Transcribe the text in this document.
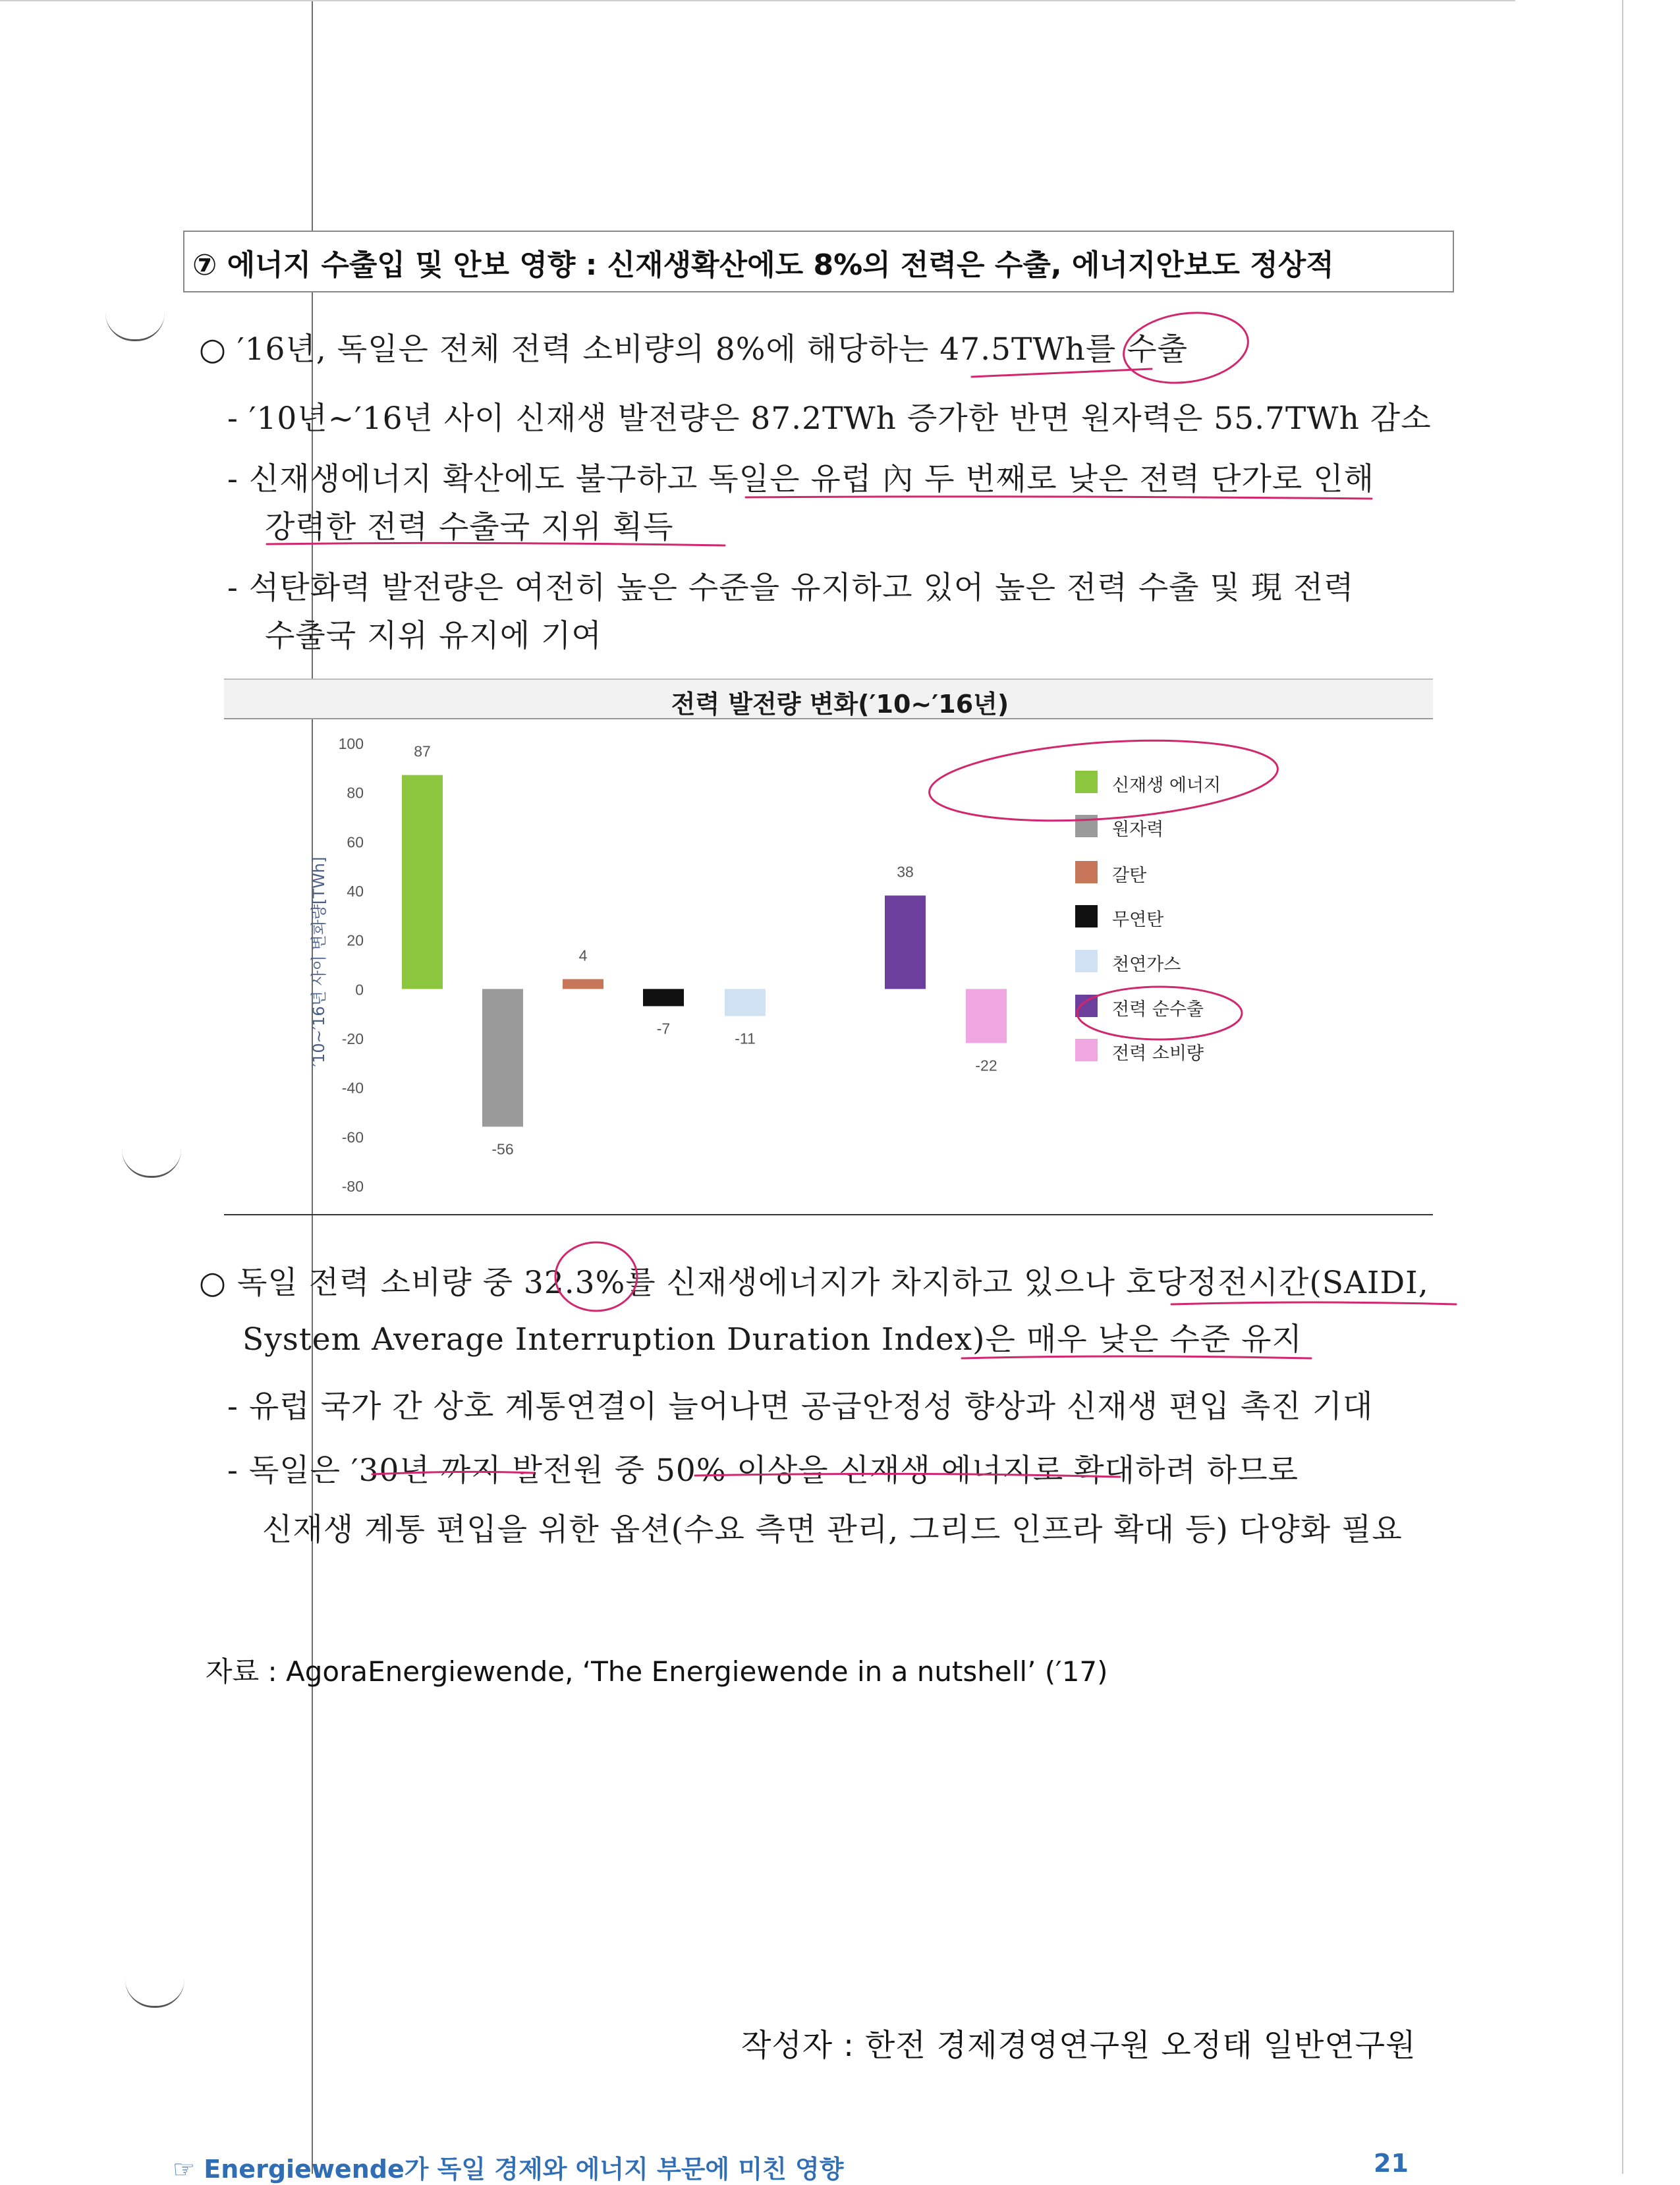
⑦ 에너지 수출입 및 안보 영향 : 신재생확산에도 8%의 전력은 수출, 에너지안보도 정상적
○ ′16년, 독일은 전체 전력 소비량의 8%에 해당하는 47.5TWh를 수출
- ′10년~′16년 사이 신재생 발전량은 87.2TWh 증가한 반면 원자력은 55.7TWh 감소
- 신재생에너지 확산에도 불구하고 독일은 유럽 內 두 번째로 낮은 전력 단가로 인해
강력한 전력 수출국 지위 획득
- 석탄화력 발전량은 여전히 높은 수준을 유지하고 있어 높은 전력 수출 및 現 전력
수출국 지위 유지에 기여
전력 발전량 변화(′10~′16년)
100
80
60
40
20
0
-20
-40
-60
-80
′10~′16년 사이 변화량[TWh]
87
-56
4
-7
-11
38
-22
신재생 에너지
원자력
갈탄
무연탄
천연가스
전력 순수출
전력 소비량
○ 독일 전력 소비량 중 32.3%를 신재생에너지가 차지하고 있으나 호당정전시간(SAIDI,
System Average Interruption Duration Index)은 매우 낮은 수준 유지
- 유럽 국가 간 상호 계통연결이 늘어나면 공급안정성 향상과 신재생 편입 촉진 기대
- 독일은 ′30년 까지 발전원 중 50% 이상을 신재생 에너지로 확대하려 하므로
신재생 계통 편입을 위한 옵션(수요 측면 관리, 그리드 인프라 확대 등) 다양화 필요
자료 : AgoraEnergiewende, ‘The Energiewende in a nutshell’ (′17)
작성자 : 한전 경제경영연구원 오정태 일반연구원
☞ Energiewende가 독일 경제와 에너지 부문에 미친 영향	21
